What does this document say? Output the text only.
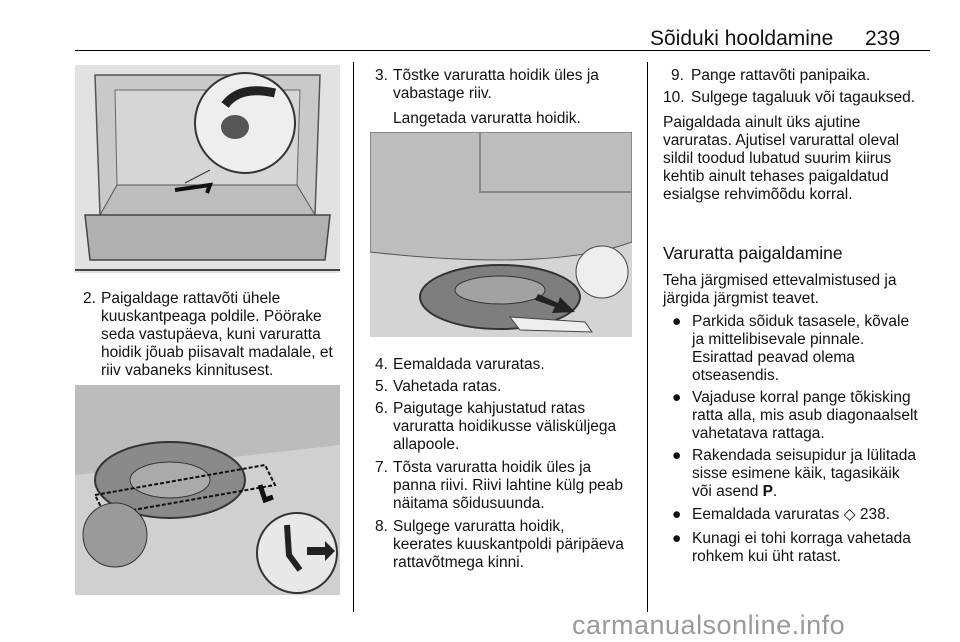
Sõiduki hooldamine 239
2. Paigaldage rattavõti ühele
kuuskantpeaga poldile. Pöörake
seda vastupäeva, kuni varuratta
hoidik jõuab piisavalt madalale, et
riiv vabaneks kinnitusest.
3. Tõstke varuratta hoidik üles ja
vabastage riiv.
Langetada varuratta hoidik.
4. Eemaldada varuratas.
5. Vahetada ratas.
6. Paigutage kahjustatud ratas
varuratta hoidikusse välisküljega
allapoole.
7. Tõsta varuratta hoidik üles ja
panna riivi. Riivi lahtine külg peab
näitama sõidusuunda.
8. Sulgege varuratta hoidik,
keerates kuuskantpoldi päripäeva
rattavõtmega kinni.
9. Pange rattavõti panipaika.
10. Sulgege tagaluuk või tagauksed.
Paigaldada ainult üks ajutine
varuratas. Ajutisel varurattal oleval
sildil toodud lubatud suurim kiirus
kehtib ainult tehases paigaldatud
esialgse rehvimõõdu korral.
Varuratta paigaldamine
Teha järgmised ettevalmistused ja
järgida järgmist teavet.
● Parkida sõiduk tasasele, kõvale
ja mittelibisevale pinnale.
Esirattad peavad olema
otseasendis.
● Vajaduse korral pange tõkisking
ratta alla, mis asub diagonaalselt
vahetatava rattaga.
● Rakendada seisupidur ja lülitada
sisse esimene käik, tagasikäik
või asend P.
● Eemaldada varuratas ◇ 238.
● Kunagi ei tohi korraga vahetada
rohkem kui üht ratast.
carmanualsonline.info
